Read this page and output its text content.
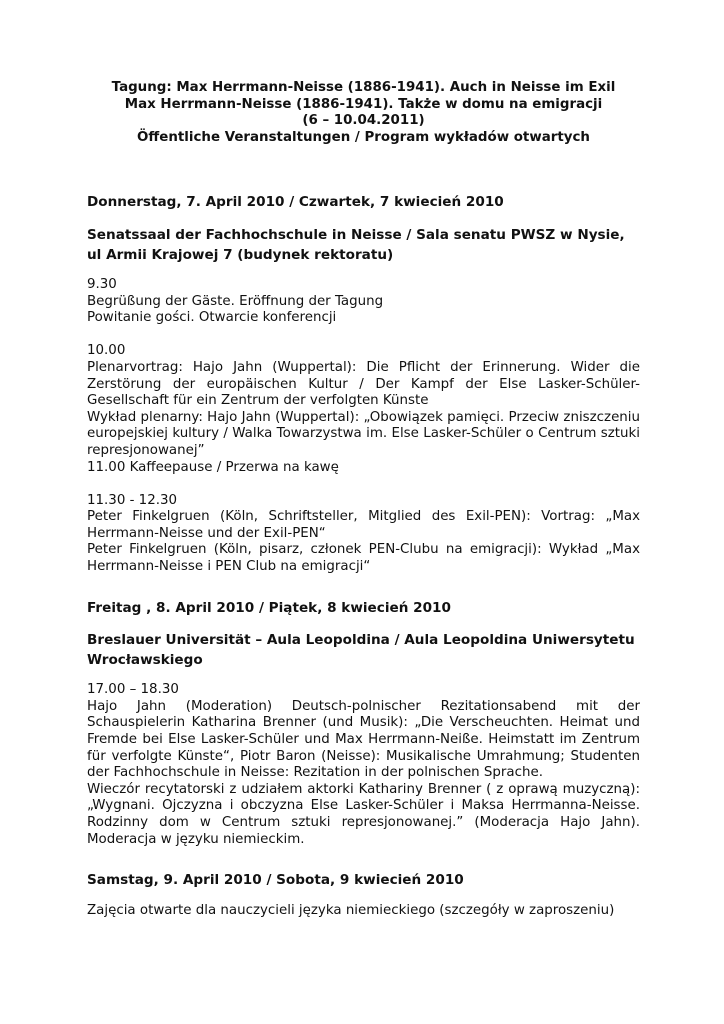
Tagung: Max Herrmann-Neisse (1886-1941). Auch in Neisse im Exil
Max Herrmann-Neisse (1886-1941). Także w domu na emigracji
(6 – 10.04.2011)
Öffentliche Veranstaltungen / Program wykładów otwartych
Donnerstag, 7. April 2010 / Czwartek, 7 kwiecień 2010
Senatssaal der Fachhochschule in Neisse / Sala senatu PWSZ w Nysie, ul Armii Krajowej 7 (budynek rektoratu)
9.30
Begrüßung der Gäste. Eröffnung der Tagung
Powitanie gości. Otwarcie konferencji
10.00
Plenarvortrag: Hajo Jahn (Wuppertal): Die Pflicht der Erinnerung. Wider die Zerstörung der europäischen Kultur / Der Kampf der Else Lasker-Schüler-Gesellschaft für ein Zentrum der verfolgten Künste
Wykład plenarny: Hajo Jahn (Wuppertal): „Obowiązek pamięci. Przeciw zniszczeniu europejskiej kultury / Walka Towarzystwa im. Else Lasker-Schüler o Centrum sztuki represjonowanej”
11.00 Kaffeepause / Przerwa na kawę
11.30 - 12.30
Peter Finkelgruen (Köln, Schriftsteller, Mitglied des Exil-PEN): Vortrag: „Max Herrmann-Neisse und der Exil-PEN“
Peter Finkelgruen (Köln, pisarz, członek PEN-Clubu na emigracji): Wykład „Max Herrmann-Neisse i PEN Club na emigracji“
Freitag , 8. April 2010 / Piątek, 8 kwiecień 2010
Breslauer Universität – Aula Leopoldina / Aula Leopoldina Uniwersytetu Wrocławskiego
17.00 – 18.30
Hajo Jahn (Moderation) Deutsch-polnischer Rezitationsabend mit der Schauspielerin Katharina Brenner (und Musik): „Die Verscheuchten. Heimat und Fremde bei Else Lasker-Schüler und Max Herrmann-Neiße. Heimstatt im Zentrum für verfolgte Künste“, Piotr Baron (Neisse): Musikalische Umrahmung; Studenten der Fachhochschule in Neisse: Rezitation in der polnischen Sprache.
Wieczór recytatorski z udziałem aktorki Katharinу Brenner ( z oprawą muzyczną): „Wygnani. Ojczyzna i obczyzna Else Lasker-Schüler i Maksa Herrmanna-Neisse. Rodzinny dom w Centrum sztuki represjonowanej.” (Moderacja Hajo Jahn). Moderacja w języku niemieckim.
Samstag, 9. April 2010 / Sobota, 9 kwiecień 2010
Zajęcia otwarte dla nauczycieli języka niemieckiego (szczegóły w zaproszeniu)
